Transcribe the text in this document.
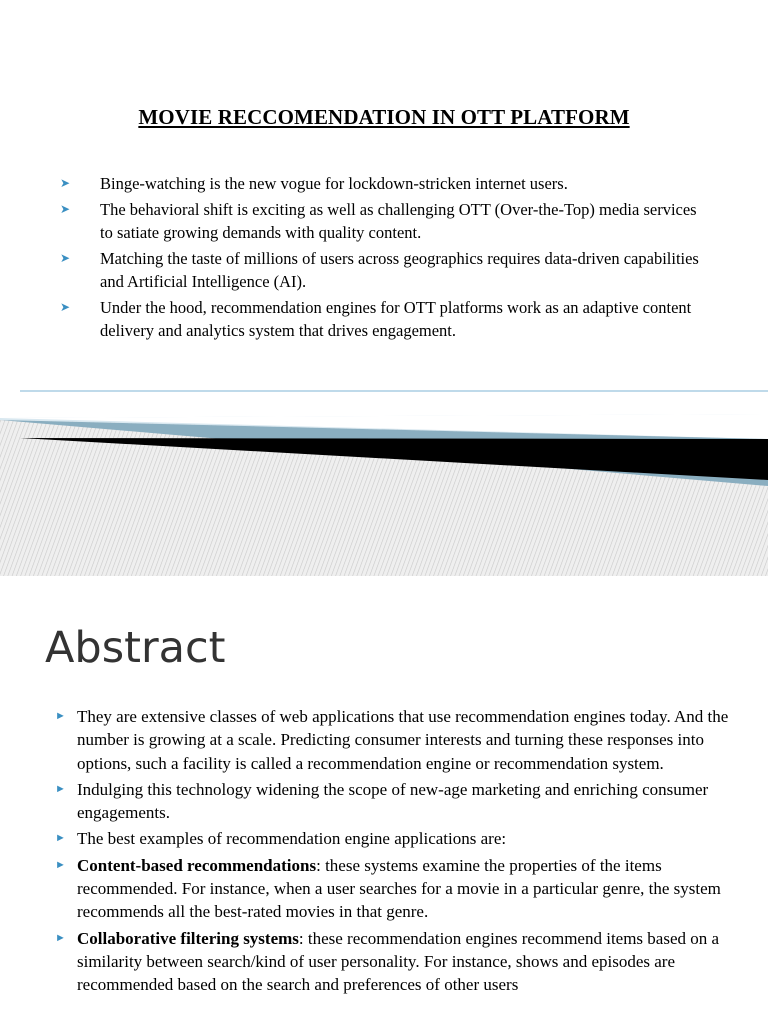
MOVIE RECCOMENDATION IN OTT PLATFORM
➤ Binge-watching is the new vogue for lockdown-stricken internet users.
➤ The behavioral shift is exciting as well as challenging OTT (Over-the-Top) media services to satiate growing demands with quality content.
➤ Matching the taste of millions of users across geographics requires data-driven capabilities and Artificial Intelligence (AI).
➤ Under the hood, recommendation engines for OTT platforms work as an adaptive content delivery and analytics system that drives engagement.
Abstract
► They are extensive classes of web applications that use recommendation engines today. And the number is growing at a scale. Predicting consumer interests and turning these responses into options, such a facility is called a recommendation engine or recommendation system.
► Indulging this technology widening the scope of new-age marketing and enriching consumer engagements.
► The best examples of recommendation engine applications are:
► Content-based recommendations: these systems examine the properties of the items recommended. For instance, when a user searches for a movie in a particular genre, the system recommends all the best-rated movies in that genre.
► Collaborative filtering systems: these recommendation engines recommend items based on a similarity between search/kind of user personality. For instance, shows and episodes are recommended based on the search and preferences of other users
